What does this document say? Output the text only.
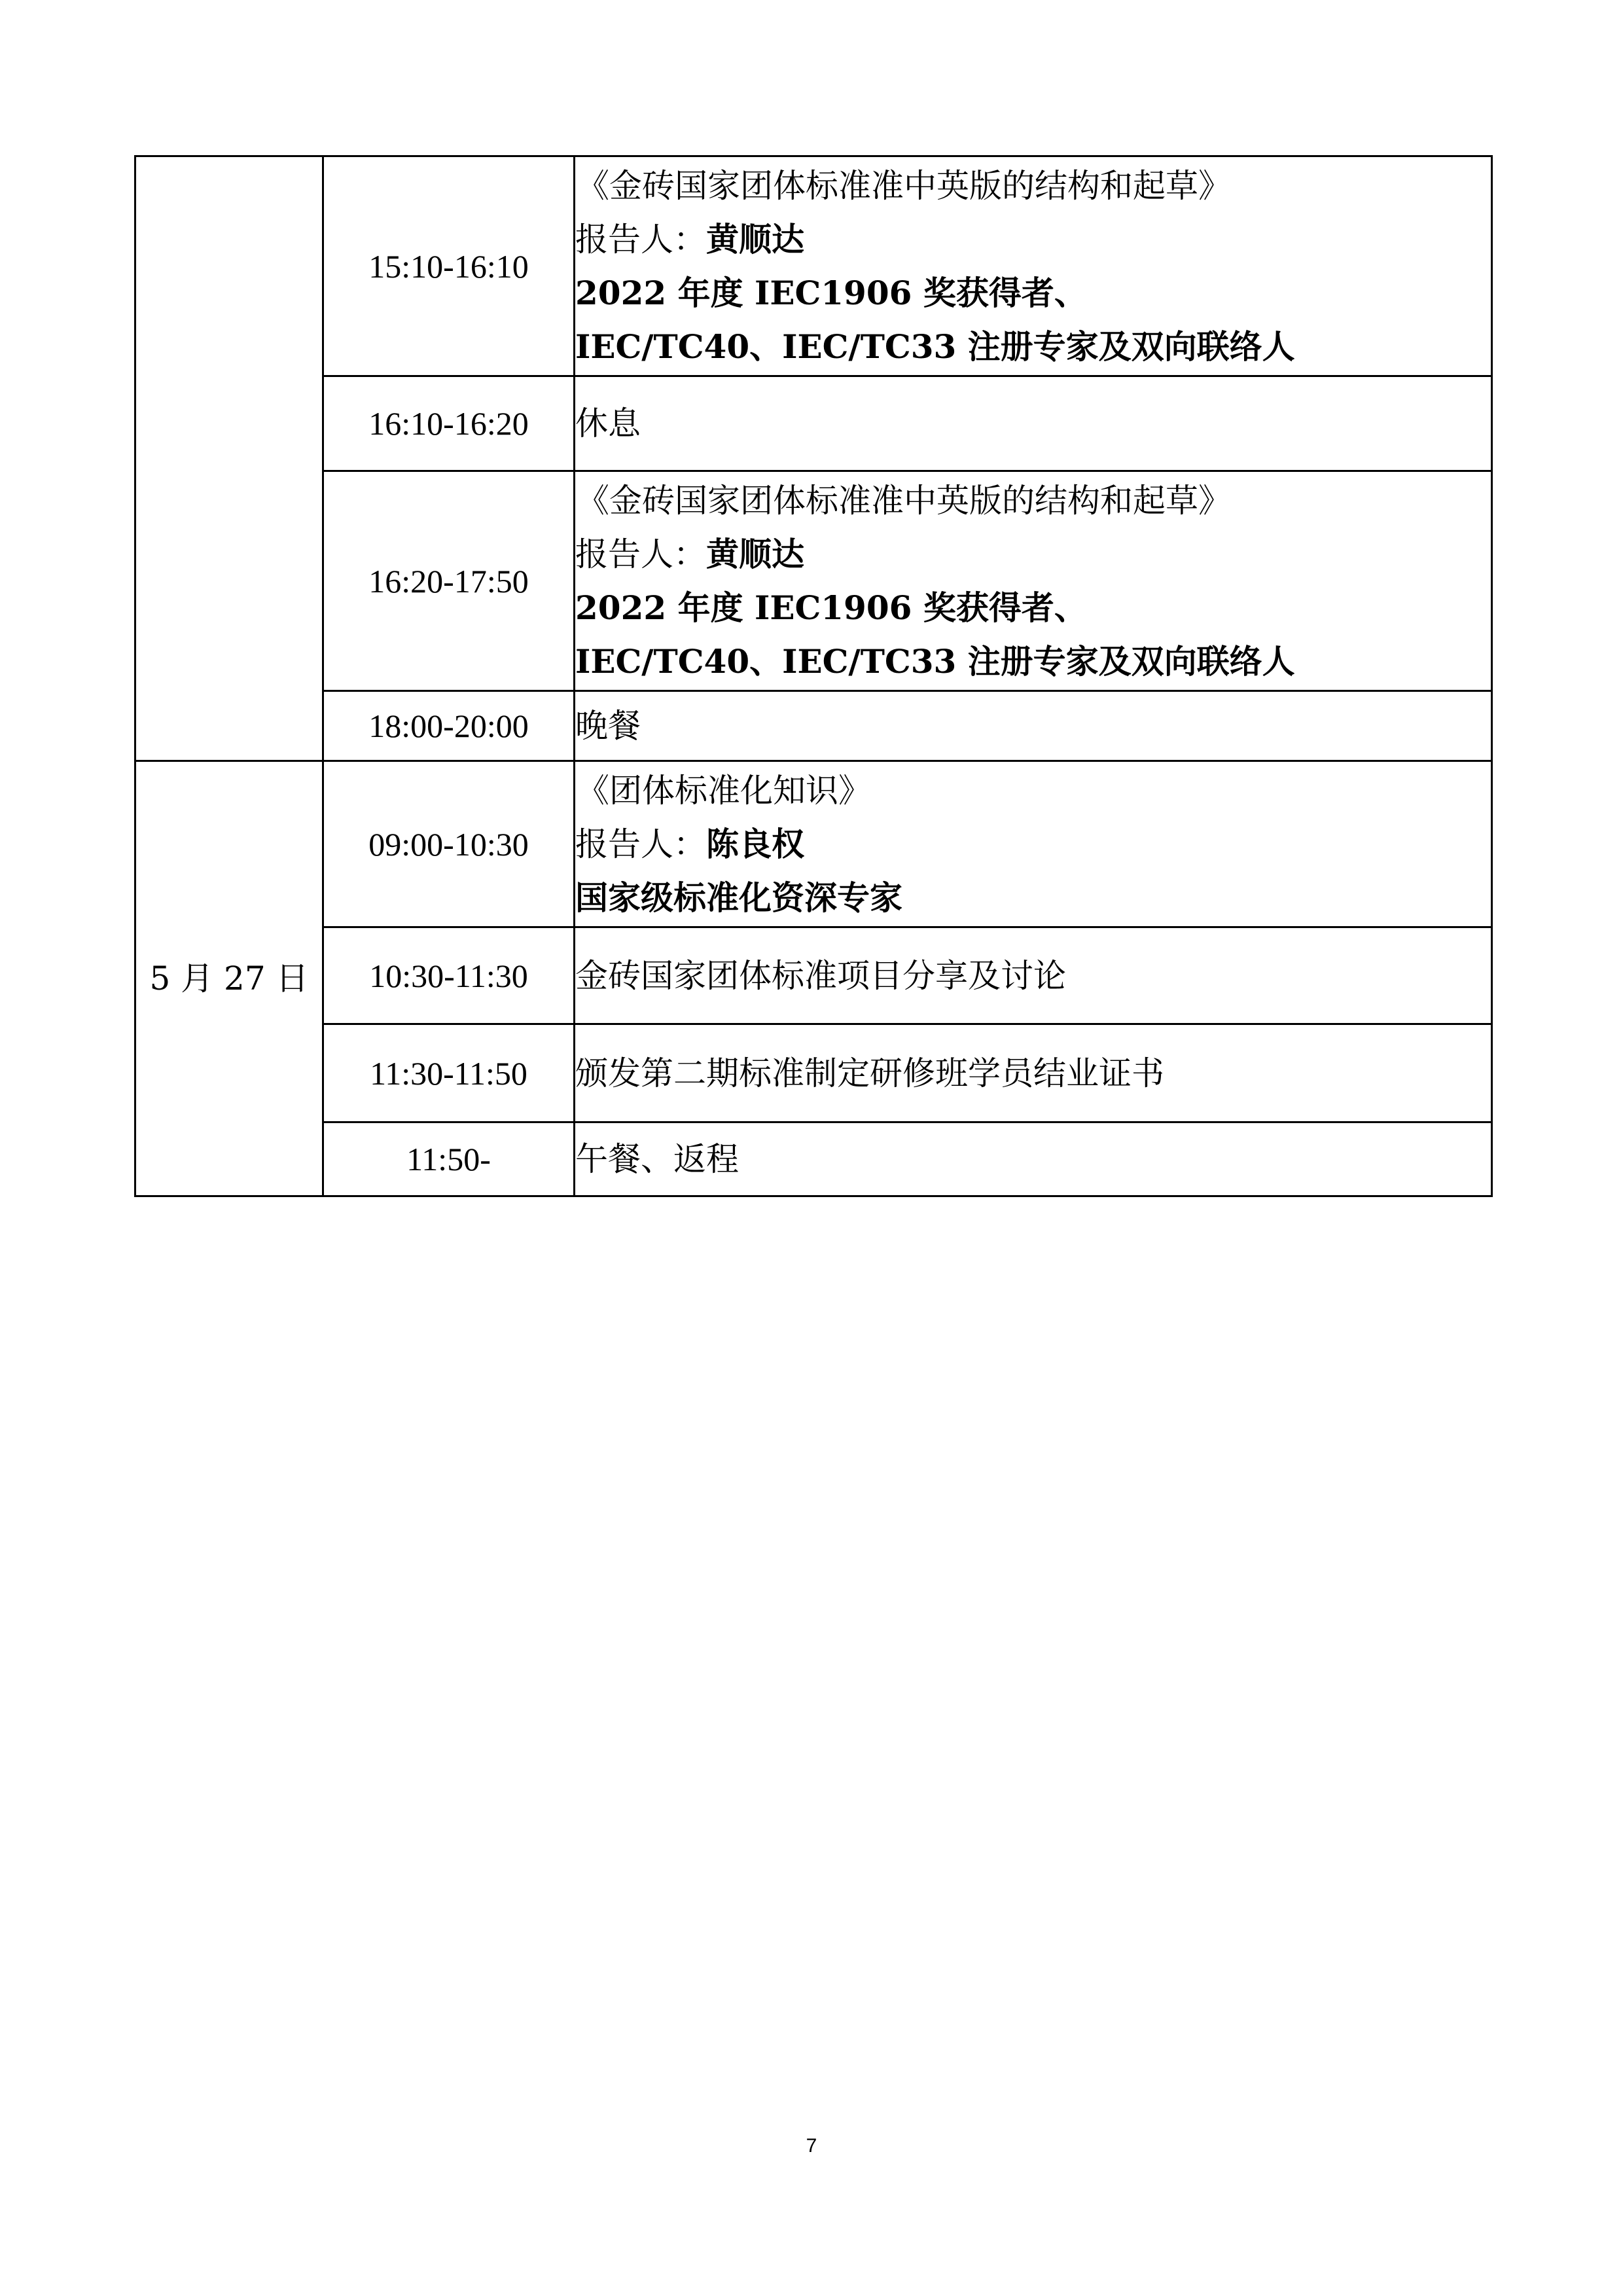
	15:10-16:10	《金砖国家团体标准准中英版的结构和起草》
报告人：黄顺达
2022 年度 IEC1906 奖获得者、
IEC/TC40、IEC/TC33 注册专家及双向联络人

	16:10-16:20	休息

	16:20-17:50	《金砖国家团体标准准中英版的结构和起草》
报告人：黄顺达
2022 年度 IEC1906 奖获得者、
IEC/TC40、IEC/TC33 注册专家及双向联络人

	18:00-20:00	晚餐

5 月 27 日	09:00-10:30	《团体标准化知识》
报告人：陈良权
国家级标准化资深专家

	10:30-11:30	金砖国家团体标准项目分享及讨论

	11:30-11:50	颁发第二期标准制定研修班学员结业证书

	11:50-	午餐、返程
7
